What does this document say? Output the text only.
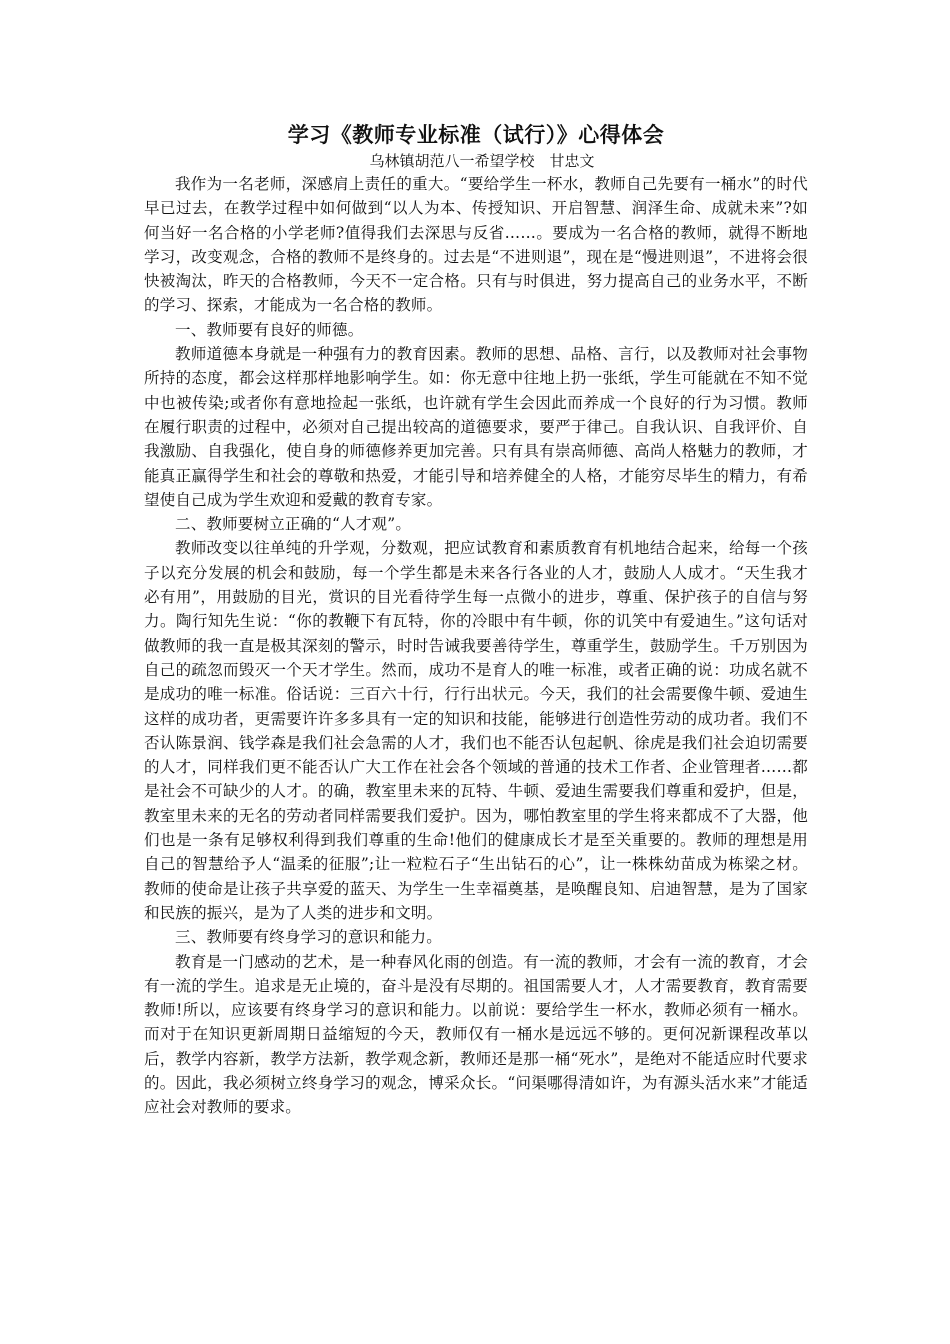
学习《教师专业标准（试行）》心得体会

乌林镇胡范八一希望学校　甘忠文

我作为一名老师，深感肩上责任的重大。“要给学生一杯水，教师自己先要有一桶水”的时代早已过去，在教学过程中如何做到“以人为本、传授知识、开启智慧、润泽生命、成就未来”?如何当好一名合格的小学老师?值得我们去深思与反省……。要成为一名合格的教师，就得不断地学习，改变观念，合格的教师不是终身的。过去是“不进则退”，现在是“慢进则退”，不进将会很快被淘汰，昨天的合格教师，今天不一定合格。只有与时俱进，努力提高自己的业务水平，不断的学习、探索，才能成为一名合格的教师。

一、教师要有良好的师德。

教师道德本身就是一种强有力的教育因素。教师的思想、品格、言行，以及教师对社会事物所持的态度，都会这样那样地影响学生。如：你无意中往地上扔一张纸，学生可能就在不知不觉中也被传染;或者你有意地捡起一张纸，也许就有学生会因此而养成一个良好的行为习惯。教师在履行职责的过程中，必须对自己提出较高的道德要求，要严于律己。自我认识、自我评价、自我激励、自我强化，使自身的师德修养更加完善。只有具有崇高师德、高尚人格魅力的教师，才能真正赢得学生和社会的尊敬和热爱，才能引导和培养健全的人格，才能穷尽毕生的精力，有希望使自己成为学生欢迎和爱戴的教育专家。

二、教师要树立正确的“人才观”。

教师改变以往单纯的升学观，分数观，把应试教育和素质教育有机地结合起来，给每一个孩子以充分发展的机会和鼓励，每一个学生都是未来各行各业的人才，鼓励人人成才。“天生我才必有用”，用鼓励的目光，赏识的目光看待学生每一点微小的进步，尊重、保护孩子的自信与努力。陶行知先生说：“你的教鞭下有瓦特，你的冷眼中有牛顿，你的讥笑中有爱迪生。”这句话对做教师的我一直是极其深刻的警示，时时告诫我要善待学生，尊重学生，鼓励学生。千万别因为自己的疏忽而毁灭一个天才学生。然而，成功不是育人的唯一标准，或者正确的说：功成名就不是成功的唯一标准。俗话说：三百六十行，行行出状元。今天，我们的社会需要像牛顿、爱迪生这样的成功者，更需要许许多多具有一定的知识和技能，能够进行创造性劳动的成功者。我们不否认陈景润、钱学森是我们社会急需的人才，我们也不能否认包起帆、徐虎是我们社会迫切需要的人才，同样我们更不能否认广大工作在社会各个领域的普通的技术工作者、企业管理者……都是社会不可缺少的人才。的确，教室里未来的瓦特、牛顿、爱迪生需要我们尊重和爱护，但是，教室里未来的无名的劳动者同样需要我们爱护。因为，哪怕教室里的学生将来都成不了大器，他们也是一条有足够权利得到我们尊重的生命!他们的健康成长才是至关重要的。教师的理想是用自己的智慧给予人“温柔的征服”;让一粒粒石子“生出钻石的心”，让一株株幼苗成为栋梁之材。教师的使命是让孩子共享爱的蓝天、为学生一生幸福奠基，是唤醒良知、启迪智慧，是为了国家和民族的振兴，是为了人类的进步和文明。

三、教师要有终身学习的意识和能力。

教育是一门感动的艺术，是一种春风化雨的创造。有一流的教师，才会有一流的教育，才会有一流的学生。追求是无止境的，奋斗是没有尽期的。祖国需要人才，人才需要教育，教育需要教师!所以，应该要有终身学习的意识和能力。以前说：要给学生一杯水，教师必须有一桶水。而对于在知识更新周期日益缩短的今天，教师仅有一桶水是远远不够的。更何况新课程改革以后，教学内容新，教学方法新，教学观念新，教师还是那一桶“死水”，是绝对不能适应时代要求的。因此，我必须树立终身学习的观念，博采众长。“问渠哪得清如许，为有源头活水来”才能适应社会对教师的要求。
